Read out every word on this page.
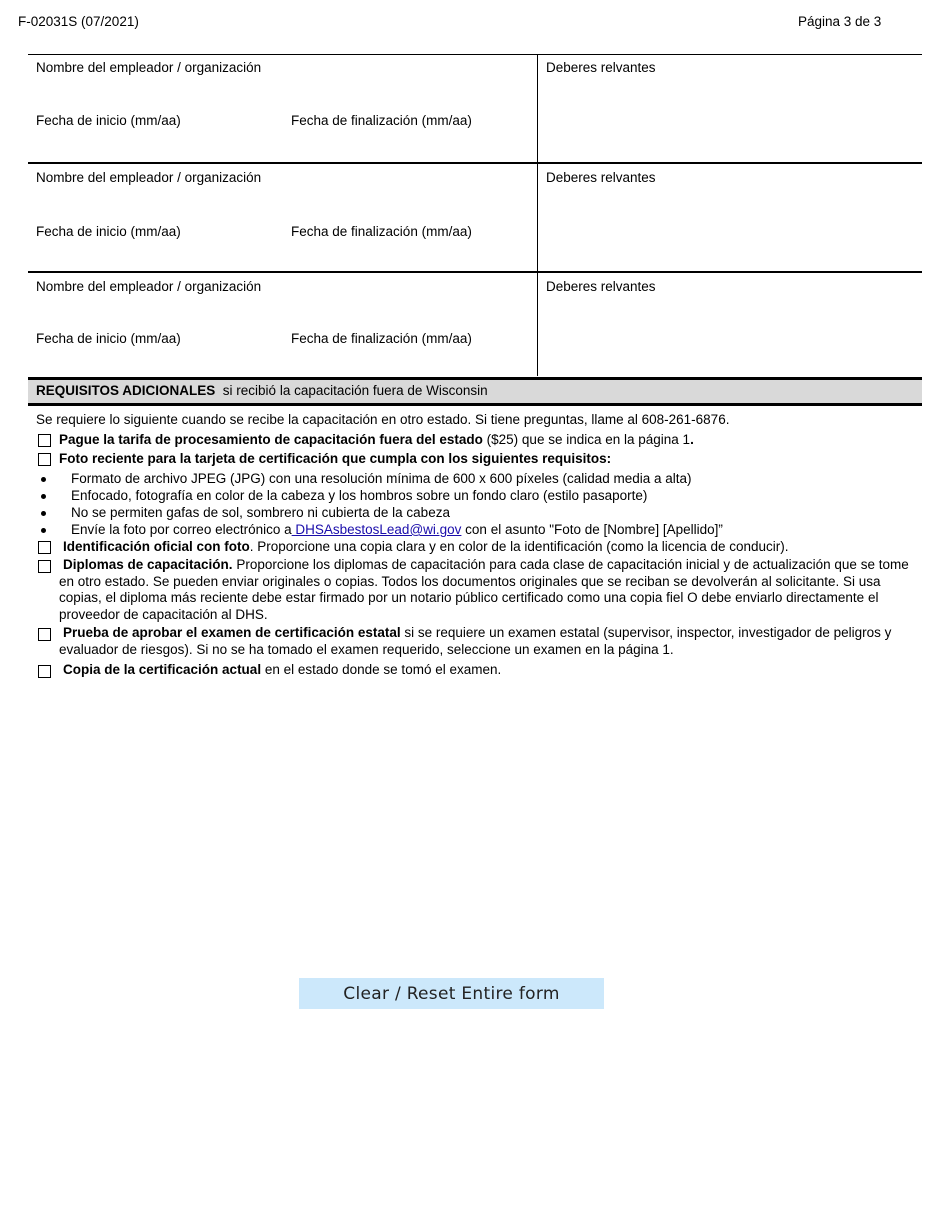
F-02031S (07/2021)	Página 3 de 3
Nombre del empleador / organización
Fecha de inicio (mm/aa)	Fecha de finalización (mm/aa)
Deberes relvantes
Nombre del empleador / organización
Fecha de inicio (mm/aa)	Fecha de finalización (mm/aa)
Deberes relvantes
Nombre del empleador / organización
Fecha de inicio (mm/aa)	Fecha de finalización (mm/aa)
Deberes relvantes
REQUISITOS ADICIONALES si recibió la capacitación fuera de Wisconsin
Se requiere lo siguiente cuando se recibe la capacitación en otro estado. Si tiene preguntas, llame al 608-261-6876.
Pague la tarifa de procesamiento de capacitación fuera del estado ($25) que se indica en la página 1.
Foto reciente para la tarjeta de certificación que cumpla con los siguientes requisitos:
Formato de archivo JPEG (JPG) con una resolución mínima de 600 x 600 píxeles (calidad media a alta)
Enfocado, fotografía en color de la cabeza y los hombros sobre un fondo claro (estilo pasaporte)
No se permiten gafas de sol, sombrero ni cubierta de la cabeza
Envíe la foto por correo electrónico a DHSAsbestosLead@wi.gov con el asunto "Foto de [Nombre] [Apellido]”
Identificación oficial con foto. Proporcione una copia clara y en color de la identificación (como la licencia de conducir).
Diplomas de capacitación. Proporcione los diplomas de capacitación para cada clase de capacitación inicial y de actualización que se tome en otro estado. Se pueden enviar originales o copias. Todos los documentos originales que se reciban se devolverán al solicitante. Si usa copias, el diploma más reciente debe estar firmado por un notario público certificado como una copia fiel O debe enviarlo directamente el proveedor de capacitación al DHS.
Prueba de aprobar el examen de certificación estatal si se requiere un examen estatal (supervisor, inspector, investigador de peligros y evaluador de riesgos). Si no se ha tomado el examen requerido, seleccione un examen en la página 1.
Copia de la certificación actual en el estado donde se tomó el examen.
Clear / Reset Entire form
